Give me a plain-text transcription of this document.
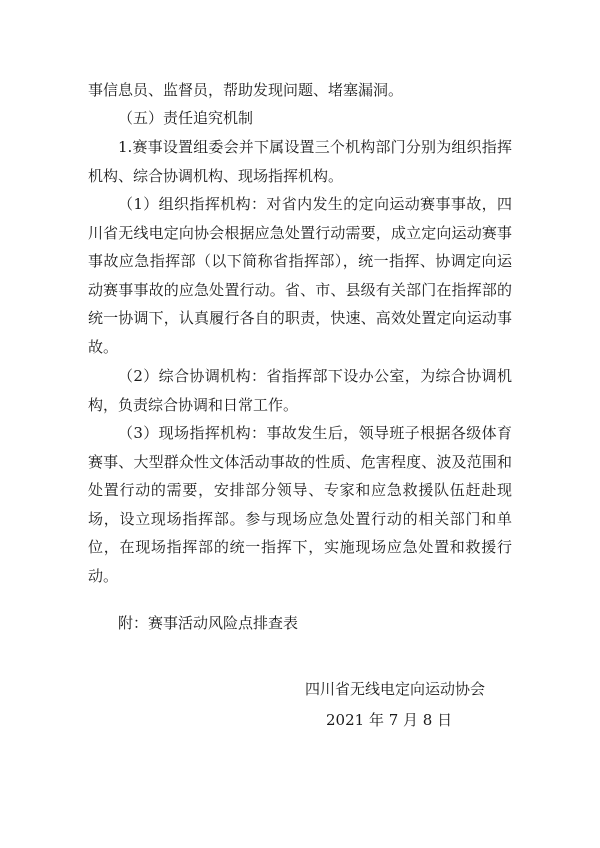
事信息员、监督员，帮助发现问题、堵塞漏洞。

（五）责任追究机制

1.赛事设置组委会并下属设置三个机构部门分别为组织指挥机构、综合协调机构、现场指挥机构。

（1）组织指挥机构：对省内发生的定向运动赛事事故，四川省无线电定向协会根据应急处置行动需要，成立定向运动赛事事故应急指挥部（以下简称省指挥部），统一指挥、协调定向运动赛事事故的应急处置行动。省、市、县级有关部门在指挥部的统一协调下，认真履行各自的职责，快速、高效处置定向运动事故。

（2）综合协调机构：省指挥部下设办公室，为综合协调机构，负责综合协调和日常工作。

（3）现场指挥机构：事故发生后，领导班子根据各级体育赛事、大型群众性文体活动事故的性质、危害程度、波及范围和处置行动的需要，安排部分领导、专家和应急救援队伍赶赴现场，设立现场指挥部。参与现场应急处置行动的相关部门和单位，在现场指挥部的统一指挥下，实施现场应急处置和救援行动。

附：赛事活动风险点排查表

四川省无线电定向运动协会

2021 年 7 月 8 日
